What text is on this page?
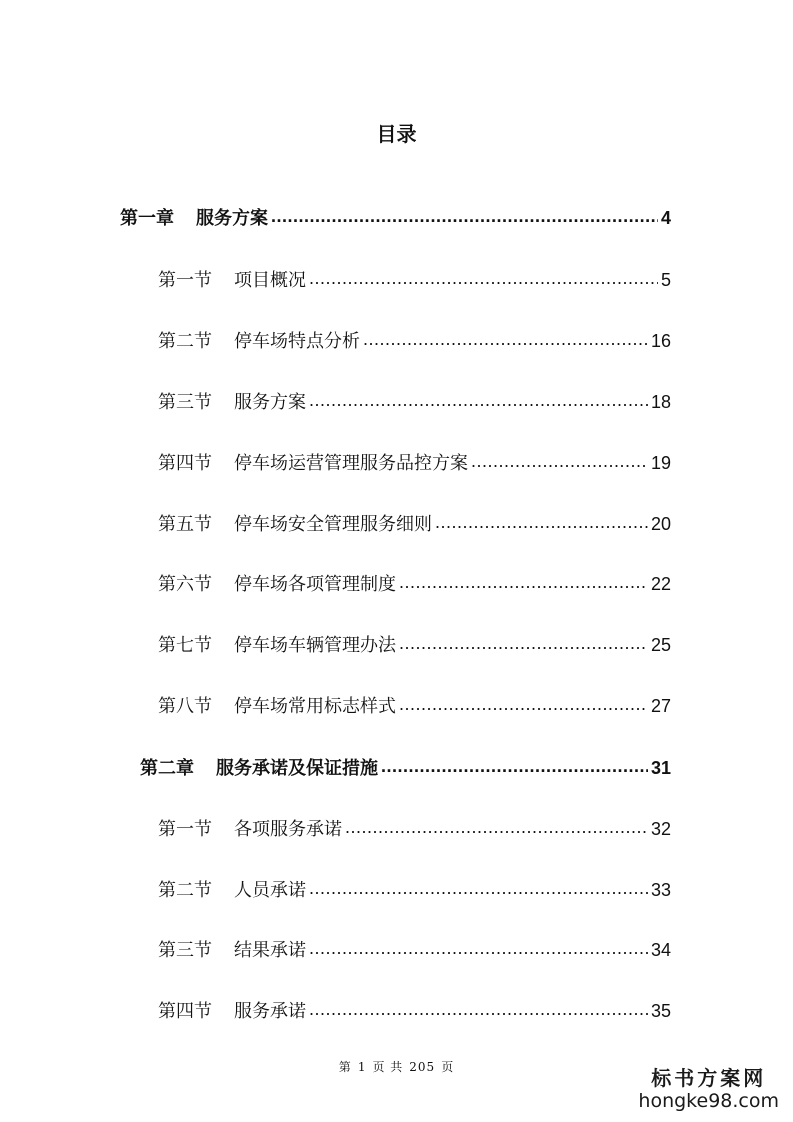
目录
第一章 服务方案 .....	4
第一节 项目概况 .....	5
第二节 停车场特点分析 .....	16
第三节 服务方案 .....	18
第四节 停车场运营管理服务品控方案 .....	19
第五节 停车场安全管理服务细则 .....	20
第六节 停车场各项管理制度 .....	22
第七节 停车场车辆管理办法 .....	25
第八节 停车场常用标志样式 .....	27
第二章 服务承诺及保证措施 .....	31
第一节 各项服务承诺 .....	32
第二节 人员承诺 .....	33
第三节 结果承诺 .....	34
第四节 服务承诺 .....	35
第 1 页 共 205 页	标书方案网
hongke98.com
